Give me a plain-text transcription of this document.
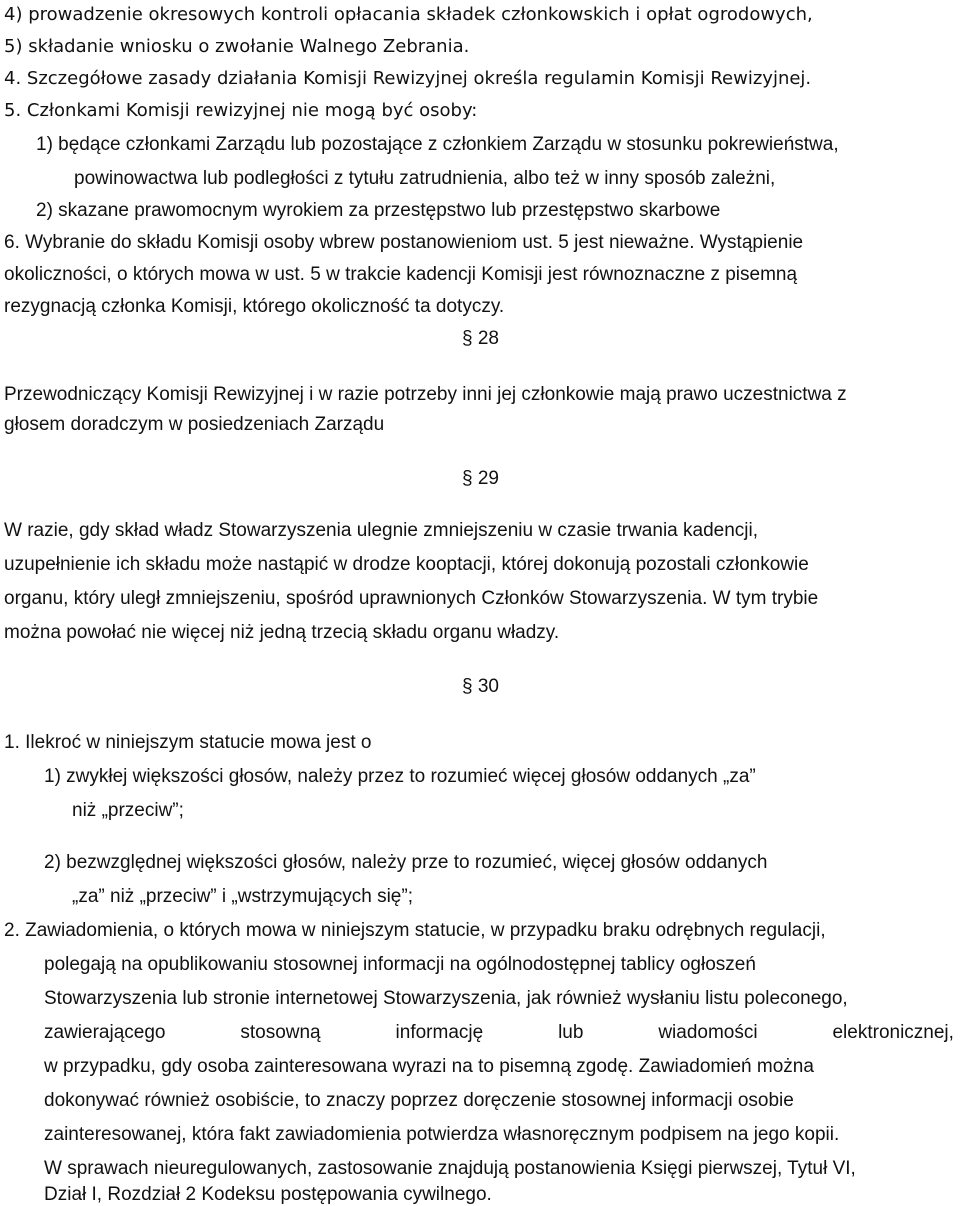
4) prowadzenie okresowych kontroli opłacania składek członkowskich i opłat ogrodowych,
5) składanie wniosku o zwołanie Walnego Zebrania.
4. Szczegółowe zasady działania Komisji Rewizyjnej określa regulamin Komisji Rewizyjnej.
5. Członkami Komisji rewizyjnej nie mogą być osoby:
1) będące członkami Zarządu lub pozostające z członkiem Zarządu w stosunku pokrewieństwa,
powinowactwa lub podległości z tytułu zatrudnienia, albo też w inny sposób zależni,
2) skazane prawomocnym wyrokiem za przestępstwo lub przestępstwo skarbowe
6. Wybranie do składu Komisji osoby wbrew postanowieniom ust. 5 jest nieważne. Wystąpienie
okoliczności, o których mowa w ust. 5 w trakcie kadencji Komisji jest równoznaczne z pisemną
rezygnacją członka Komisji, którego okoliczność ta dotyczy.
§ 28
Przewodniczący Komisji Rewizyjnej i w razie potrzeby inni jej członkowie mają prawo uczestnictwa z
głosem doradczym w posiedzeniach Zarządu
§ 29
W razie, gdy skład władz Stowarzyszenia ulegnie zmniejszeniu w czasie trwania kadencji,
uzupełnienie ich składu może nastąpić w drodze kooptacji, której dokonują pozostali członkowie
organu, który uległ zmniejszeniu, spośród uprawnionych Członków Stowarzyszenia. W tym trybie
można powołać nie więcej niż jedną trzecią składu organu władzy.
§ 30
1. Ilekroć w niniejszym statucie mowa jest o
1) zwykłej większości głosów, należy przez to rozumieć więcej głosów oddanych „za”
niż „przeciw”;
2) bezwzględnej większości głosów, należy prze to rozumieć, więcej głosów oddanych
„za” niż „przeciw” i „wstrzymujących się”;
2. Zawiadomienia, o których mowa w niniejszym statucie, w przypadku braku odrębnych regulacji,
polegają na opublikowaniu stosownej informacji na ogólnodostępnej tablicy ogłoszeń
Stowarzyszenia lub stronie internetowej Stowarzyszenia, jak również wysłaniu listu poleconego,
zawierającego	stosowną	informację	lub	wiadomości	elektronicznej,
w przypadku, gdy osoba zainteresowana wyrazi na to pisemną zgodę. Zawiadomień można
dokonywać również osobiście, to znaczy poprzez doręczenie stosownej informacji osobie
zainteresowanej, która fakt zawiadomienia potwierdza własnoręcznym podpisem na jego kopii.
W sprawach nieuregulowanych, zastosowanie znajdują postanowienia Księgi pierwszej, Tytuł VI,
Dział I, Rozdział 2 Kodeksu postępowania cywilnego.
